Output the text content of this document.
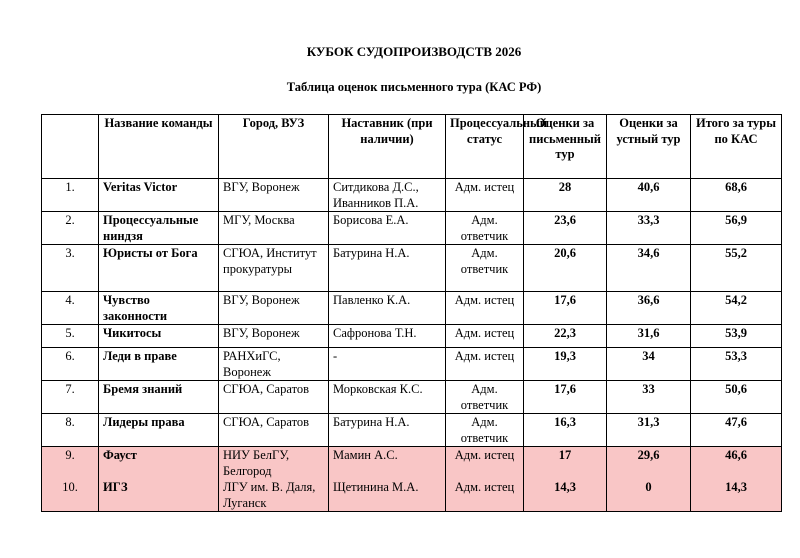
КУБОК СУДОПРОИЗВОДСТВ 2026
Таблица оценок письменного тура (КАС РФ)
	Название команды	Город, ВУЗ	Наставник (при наличии)	Процессуальный статус	Оценки за письменный тур	Оценки за устный тур	Итого за туры по КАС
1.	Veritas Victor	ВГУ, Воронеж	Ситдикова Д.С., Иванников П.А.	Адм. истец	28	40,6	68,6
2.	Процессуальные ниндзя	МГУ, Москва	Борисова Е.А.	Адм. ответчик	23,6	33,3	56,9
3.	Юристы от Бога	СГЮА, Институт прокуратуры	Батурина Н.А.	Адм. ответчик	20,6	34,6	55,2
4.	Чувство законности	ВГУ, Воронеж	Павленко К.А.	Адм. истец	17,6	36,6	54,2
5.	Чикитосы	ВГУ, Воронеж	Сафронова Т.Н.	Адм. истец	22,3	31,6	53,9
6.	Леди в праве	РАНХиГС, Воронеж	-	Адм. истец	19,3	34	53,3
7.	Бремя знаний	СГЮА, Саратов	Морковская К.С.	Адм. ответчик	17,6	33	50,6
8.	Лидеры права	СГЮА, Саратов	Батурина Н.А.	Адм. ответчик	16,3	31,3	47,6
9.	Фауст	НИУ БелГУ, Белгород	Мамин А.С.	Адм. истец	17	29,6	46,6
10.	ИГЗ	ЛГУ им. В. Даля, Луганск	Щетинина М.А.	Адм. истец	14,3	0	14,3
